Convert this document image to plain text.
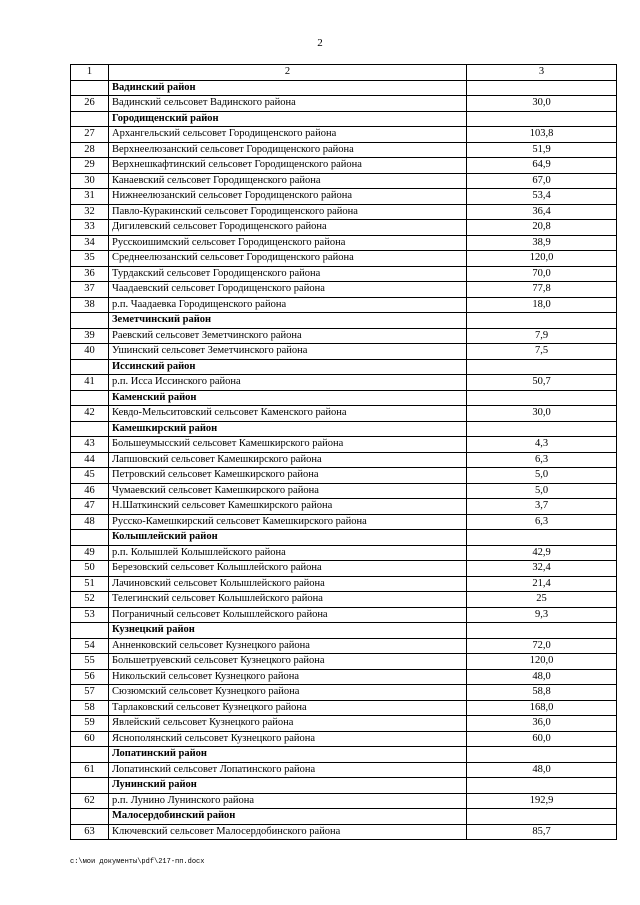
2
1	2	3
	Вадинский район	
26	Вадинский сельсовет Вадинского района	30,0
	Городищенский район	
27	Архангельский сельсовет Городищенского района	103,8
28	Верхнеелюзанский сельсовет Городищенского района	51,9
29	Верхнешкафтинский сельсовет Городищенского района	64,9
30	Канаевский сельсовет Городищенского района	67,0
31	Нижнеелюзанский сельсовет Городищенского района	53,4
32	Павло-Куракинский сельсовет Городищенского района	36,4
33	Дигилевский сельсовет Городищенского района	20,8
34	Русскоишимский сельсовет Городищенского района	38,9
35	Среднеелюзанский сельсовет Городищенского района	120,0
36	Турдакский сельсовет Городищенского района	70,0
37	Чаадаевский сельсовет Городищенского района	77,8
38	р.п. Чаадаевка Городищенского района	18,0
	Земетчинский район	
39	Раевский сельсовет Земетчинского района	7,9
40	Ушинский сельсовет Земетчинского района	7,5
	Иссинский район	
41	р.п. Исса Иссинского района	50,7
	Каменский район	
42	Кевдо-Мельситовский сельсовет Каменского района	30,0
	Камешкирский район	
43	Большеумысский сельсовет Камешкирского района	4,3
44	Лапшовский сельсовет Камешкирского района	6,3
45	Петровский сельсовет Камешкирского района	5,0
46	Чумаевский сельсовет Камешкирского района	5,0
47	Н.Шаткинский сельсовет Камешкирского района	3,7
48	Русско-Камешкирский сельсовет Камешкирского района	6,3
	Колышлейский район	
49	р.п. Колышлей Колышлейского района	42,9
50	Березовский сельсовет Колышлейского района	32,4
51	Лачиновский сельсовет Колышлейского района	21,4
52	Телегинский сельсовет Колышлейского района	25
53	Пограничный сельсовет Колышлейского района	9,3
	Кузнецкий район	
54	Анненковский сельсовет Кузнецкого района	72,0
55	Большетруевский сельсовет Кузнецкого района	120,0
56	Никольский сельсовет Кузнецкого района	48,0
57	Сюзюмский сельсовет Кузнецкого района	58,8
58	Тарлаковский сельсовет Кузнецкого района	168,0
59	Явлейский сельсовет Кузнецкого района	36,0
60	Яснополянский сельсовет Кузнецкого района	60,0
	Лопатинский район	
61	Лопатинский сельсовет Лопатинского района	48,0
	Лунинский район	
62	р.п. Лунино Лунинского района	192,9
	Малосердобинский район	
63	Ключевский сельсовет Малосердобинского района	85,7
c:\мои документы\pdf\217-пп.docx
